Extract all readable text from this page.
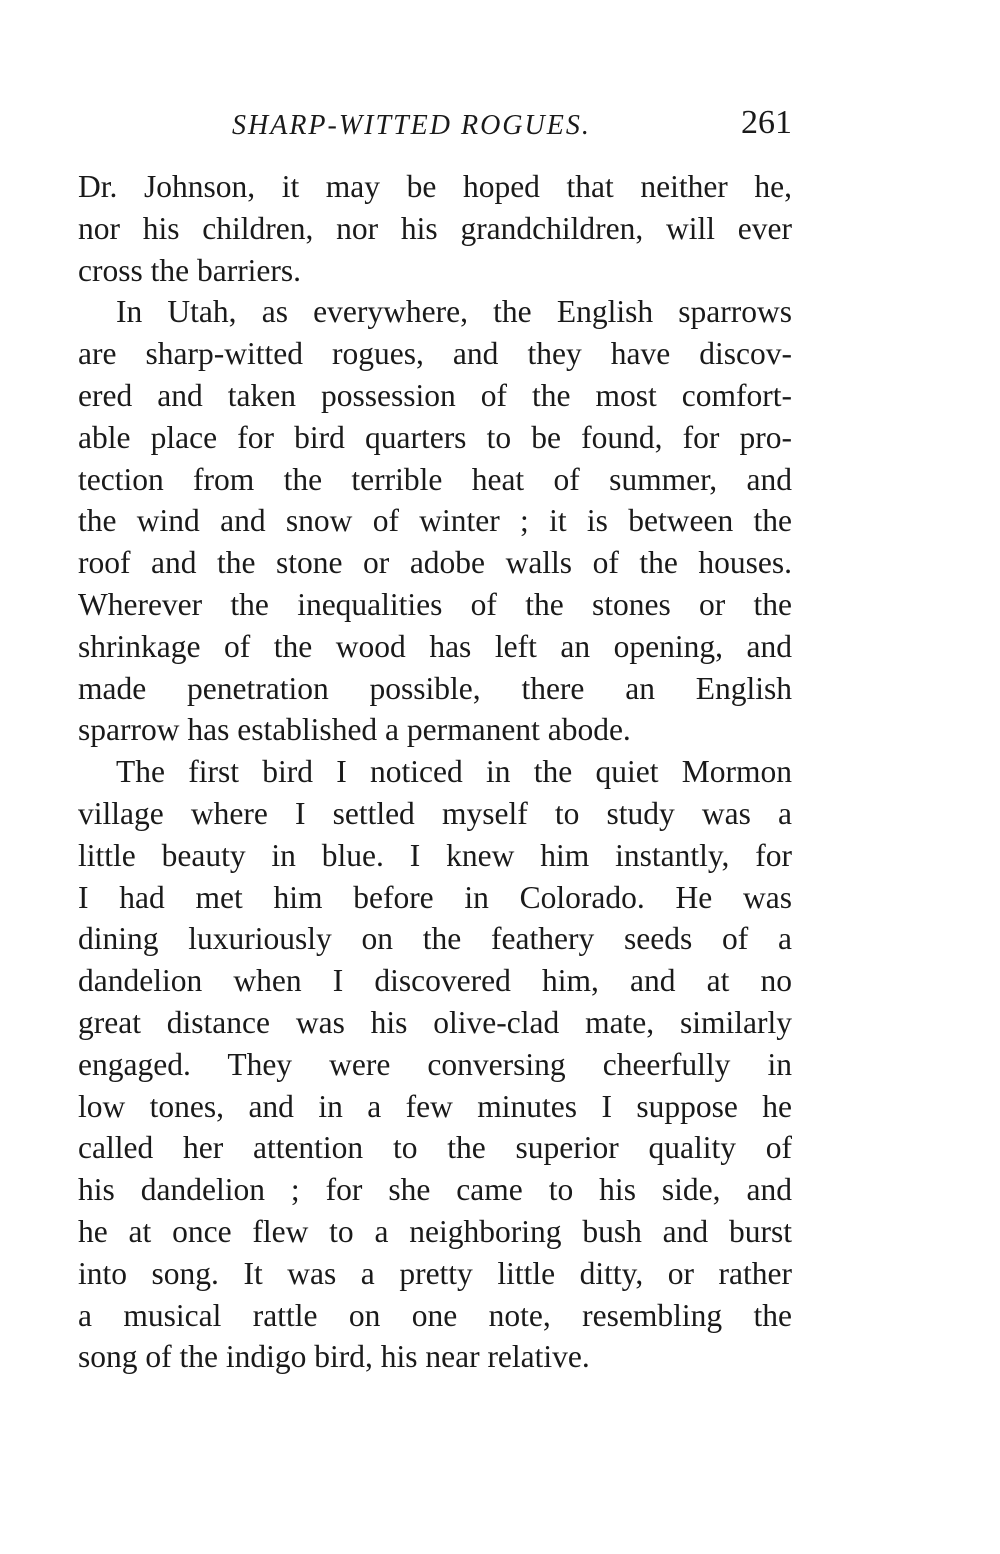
SHARP-WITTED ROGUES.	261
Dr. Johnson, it may be hoped that neither he,
nor his children, nor his grandchildren, will ever
cross the barriers.
In Utah, as everywhere, the English sparrows
are sharp-witted rogues, and they have discov-
ered and taken possession of the most comfort-
able place for bird quarters to be found, for pro-
tection from the terrible heat of summer, and
the wind and snow of winter ; it is between the
roof and the stone or adobe walls of the houses.
Wherever the inequalities of the stones or the
shrinkage of the wood has left an opening, and
made penetration possible, there an English
sparrow has established a permanent abode.
The first bird I noticed in the quiet Mormon
village where I settled myself to study was a
little beauty in blue. I knew him instantly, for
I had met him before in Colorado. He was
dining luxuriously on the feathery seeds of a
dandelion when I discovered him, and at no
great distance was his olive-clad mate, similarly
engaged. They were conversing cheerfully in
low tones, and in a few minutes I suppose he
called her attention to the superior quality of
his dandelion ; for she came to his side, and
he at once flew to a neighboring bush and burst
into song. It was a pretty little ditty, or rather
a musical rattle on one note, resembling the
song of the indigo bird, his near relative.
